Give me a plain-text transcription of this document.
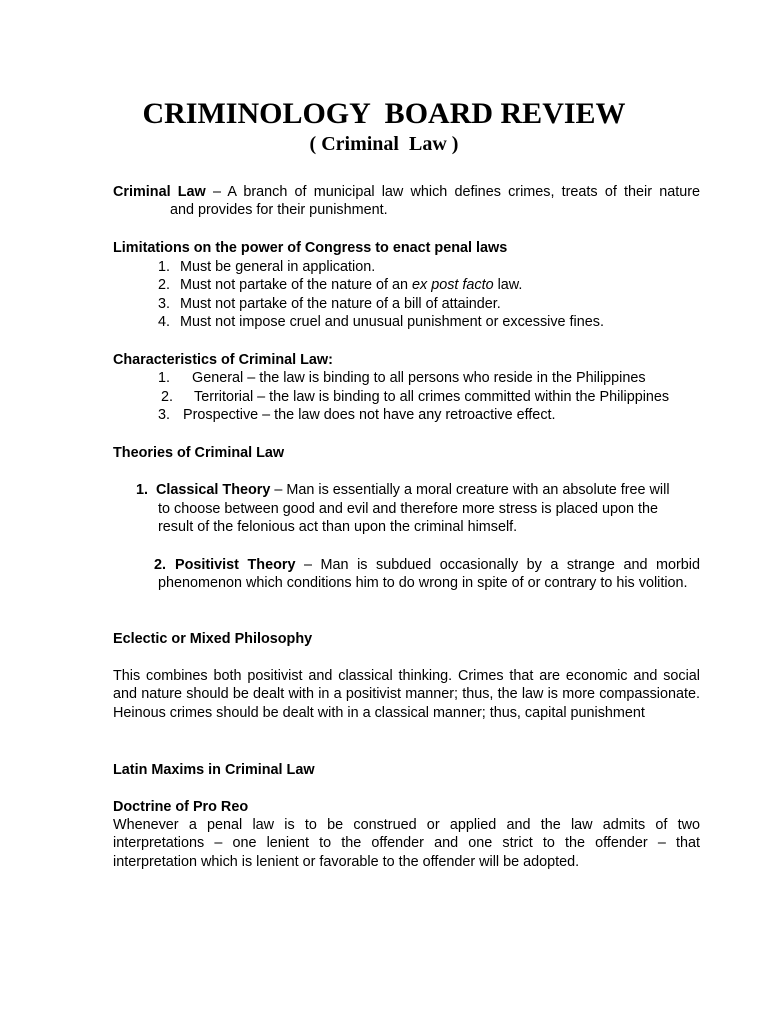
CRIMINOLOGY  BOARD REVIEW
( Criminal  Law )
Criminal Law – A branch of municipal law which defines crimes, treats of their nature
and provides for their punishment.
Limitations on the power of Congress to enact penal laws
1. Must be general in application.
2. Must not partake of the nature of an ex post facto law.
3. Must not partake of the nature of a bill of attainder.
4. Must not impose cruel and unusual punishment or excessive fines.
Characteristics of Criminal Law:
1. General – the law is binding to all persons who reside in the Philippines
2. Territorial – the law is binding to all crimes committed within the Philippines
3. Prospective – the law does not have any retroactive effect.
Theories of Criminal Law
1.  Classical Theory – Man is essentially a moral creature with an absolute free will
to choose between good and evil and therefore more stress is placed upon the
result of the felonious act than upon the criminal himself.
2. Positivist Theory – Man is subdued occasionally by a strange and morbid phenomenon which conditions him to do wrong in spite of or contrary to his volition.
Eclectic or Mixed Philosophy
This combines both positivist and classical thinking. Crimes that are economic and social and nature should be dealt with in a positivist manner; thus, the law is more compassionate. Heinous crimes should be dealt with in a classical manner; thus, capital punishment
Latin Maxims in Criminal Law
Doctrine of Pro Reo
Whenever a penal law is to be construed or applied and the law admits of two interpretations – one lenient to the offender and one strict to the offender – that interpretation which is lenient or favorable to the offender will be adopted.
